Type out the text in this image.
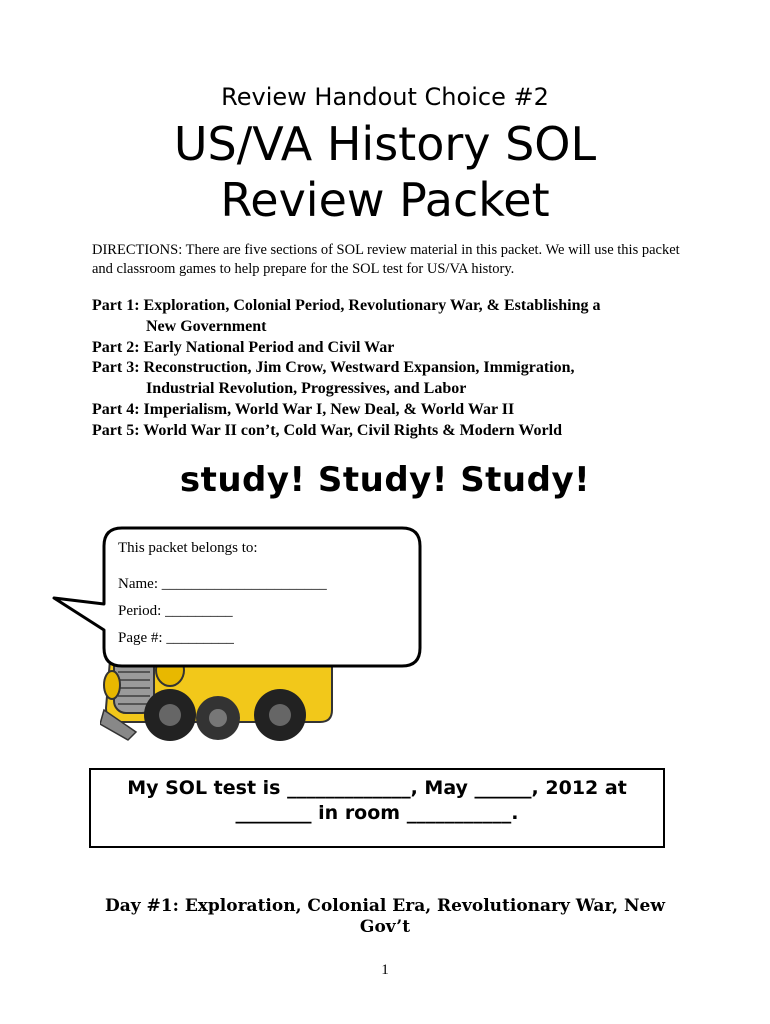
Review Handout Choice #2
US/VA History SOL
Review Packet
DIRECTIONS: There are five sections of SOL review material in this packet. We will use this packet and classroom games to help prepare for the SOL test for US/VA history.
Part 1: Exploration, Colonial Period, Revolutionary War, & Establishing a
New Government
Part 2: Early National Period and Civil War
Part 3: Reconstruction, Jim Crow, Westward Expansion, Immigration,
Industrial Revolution, Progressives, and Labor
Part 4: Imperialism, World War I, New Deal, & World War II
Part 5: World War II con’t, Cold War, Civil Rights & Modern World
study! Study! Study!
This packet belongs to:
Name: ______________________
Period: _________
Page #: _________
My SOL test is _____________, May ______, 2012 at
________ in room ___________.
Day #1: Exploration, Colonial Era, Revolutionary War, New
Gov’t
1
